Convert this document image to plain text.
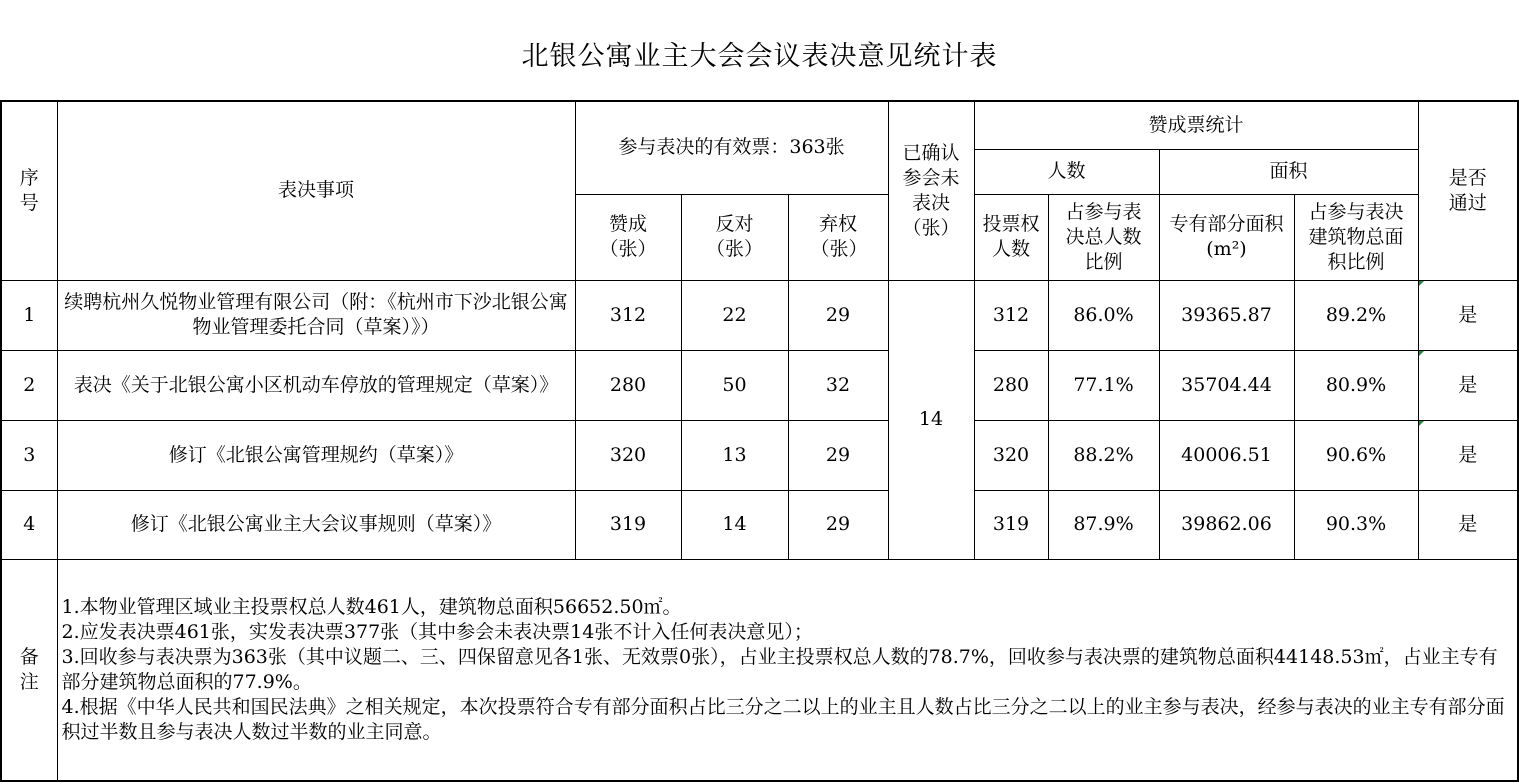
北银公寓业主大会会议表决意见统计表
序号	表决事项	参与表决的有效票：363张			已确认参会未表决（张）	赞成票统计				是否通过
						人数		面积		
		赞成（张）	反对（张）	弃权（张）		投票权人数	占参与表决总人数比例	专有部分面积(m²)	占参与表决建筑物总面积比例	
1	续聘杭州久悦物业管理有限公司（附：《杭州市下沙北银公寓物业管理委托合同（草案）》）	312	22	29	14	312	86.0%	39365.87	89.2%	是
2	表决《关于北银公寓小区机动车停放的管理规定（草案）》	280	50	32		280	77.1%	35704.44	80.9%	是
3	修订《北银公寓管理规约（草案）》	320	13	29		320	88.2%	40006.51	90.6%	是
4	修订《北银公寓业主大会议事规则（草案）》	319	14	29		319	87.9%	39862.06	90.3%	是
备注	1.本物业管理区域业主投票权总人数461人，建筑物总面积56652.50㎡。
2.应发表决票461张，实发表决票377张（其中参会未表决票14张不计入任何表决意见）；
3.回收参与表决票为363张（其中议题二、三、四保留意见各1张、无效票0张），占业主投票权总人数的78.7%，回收参与表决票的建筑物总面积44148.53㎡，占业主专有部分建筑物总面积的77.9%。
4.根据《中华人民共和国民法典》之相关规定，本次投票符合专有部分面积占比三分之二以上的业主且人数占比三分之二以上的业主参与表决，经参与表决的业主专有部分面积过半数且参与表决人数过半数的业主同意。									
